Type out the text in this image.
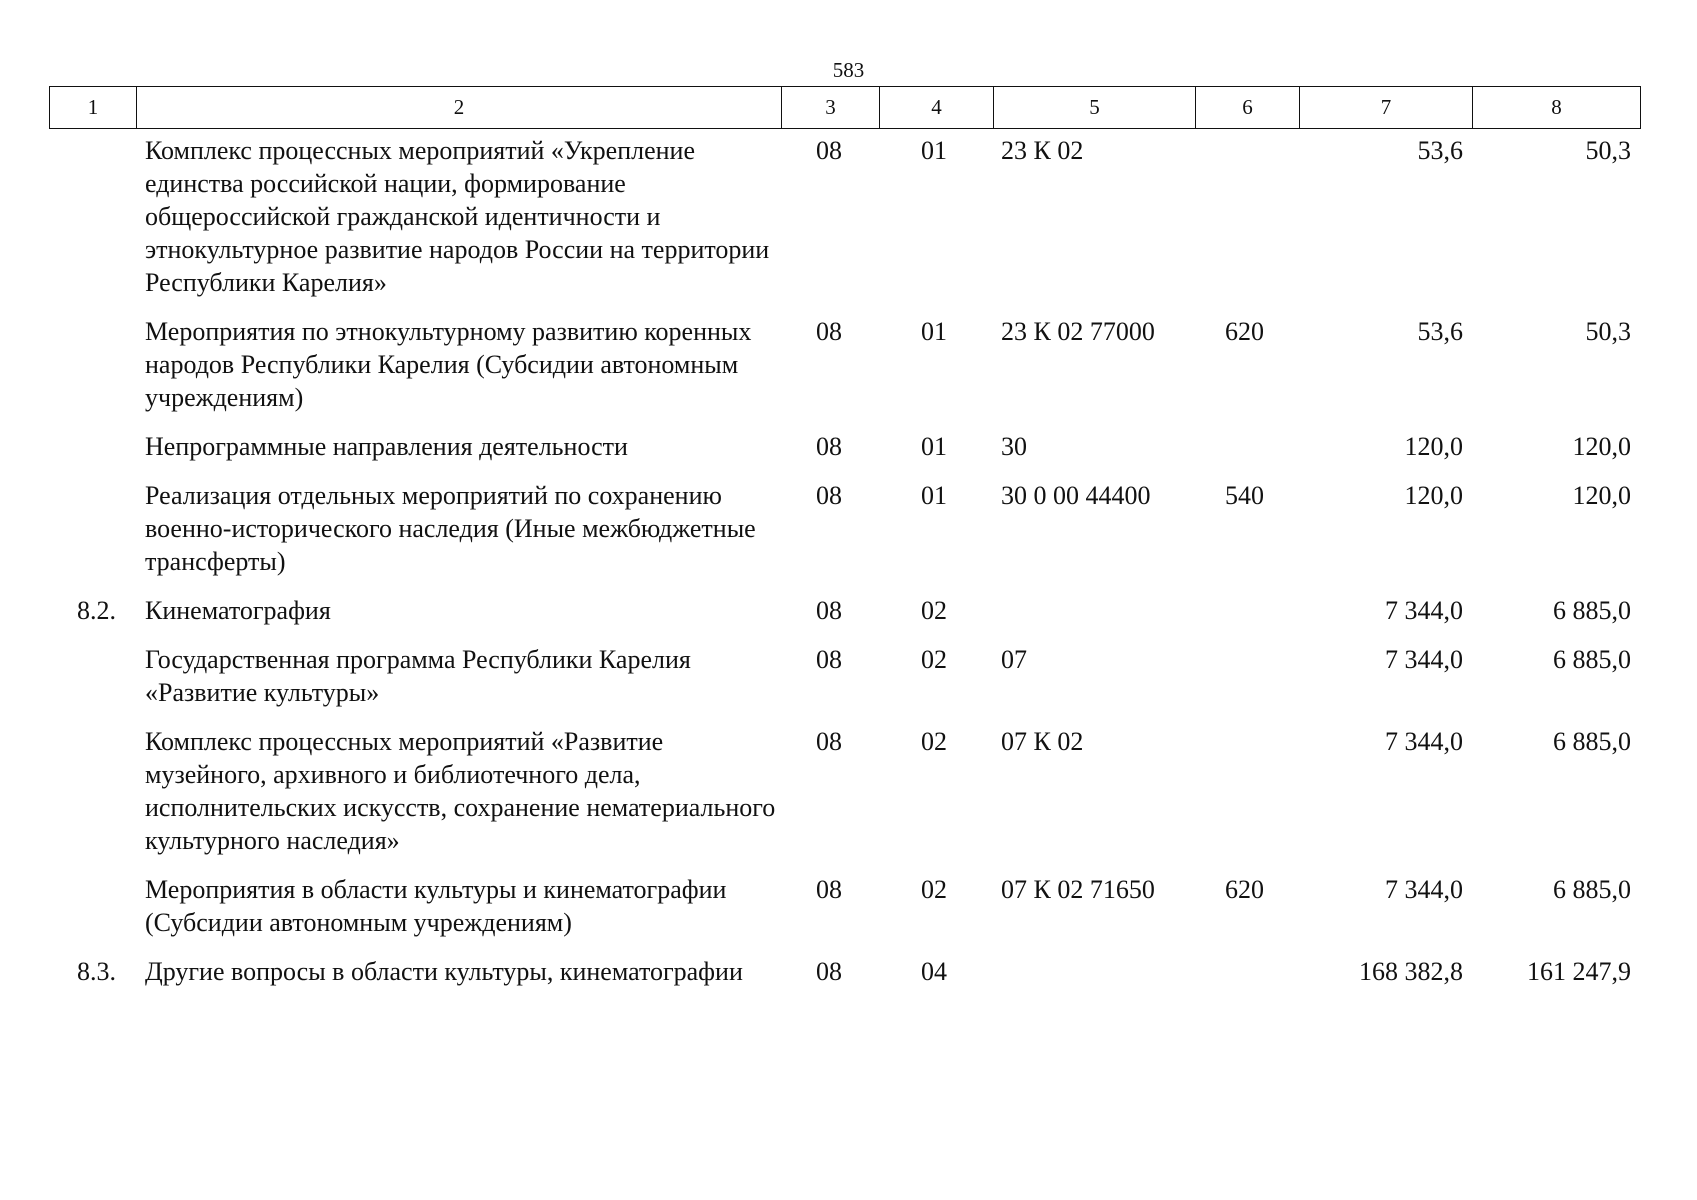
583
1	2	3	4	5	6	7	8
	Комплекс процессных мероприятий «Укрепление единства российской нации, формирование общероссийской гражданской идентичности и этнокультурное развитие народов России на территории Республики Карелия»	08	01	23 К 02		53,6	50,3
	Мероприятия по этнокультурному развитию коренных народов Республики Карелия (Субсидии автономным учреждениям)	08	01	23 К 02 77000	620	53,6	50,3
	Непрограммные направления деятельности	08	01	30		120,0	120,0
	Реализация отдельных мероприятий по сохранению военно-исторического наследия (Иные межбюджетные трансферты)	08	01	30 0 00 44400	540	120,0	120,0
8.2.	Кинематография	08	02			7 344,0	6 885,0
	Государственная программа Республики Карелия «Развитие культуры»	08	02	07		7 344,0	6 885,0
	Комплекс процессных мероприятий «Развитие музейного, архивного и библиотечного дела, исполнительских искусств, сохранение нематериального культурного наследия»	08	02	07 К 02		7 344,0	6 885,0
	Мероприятия в области культуры и кинематографии (Субсидии автономным учреждениям)	08	02	07 К 02 71650	620	7 344,0	6 885,0
8.3.	Другие вопросы в области культуры, кинематографии	08	04			168 382,8	161 247,9
